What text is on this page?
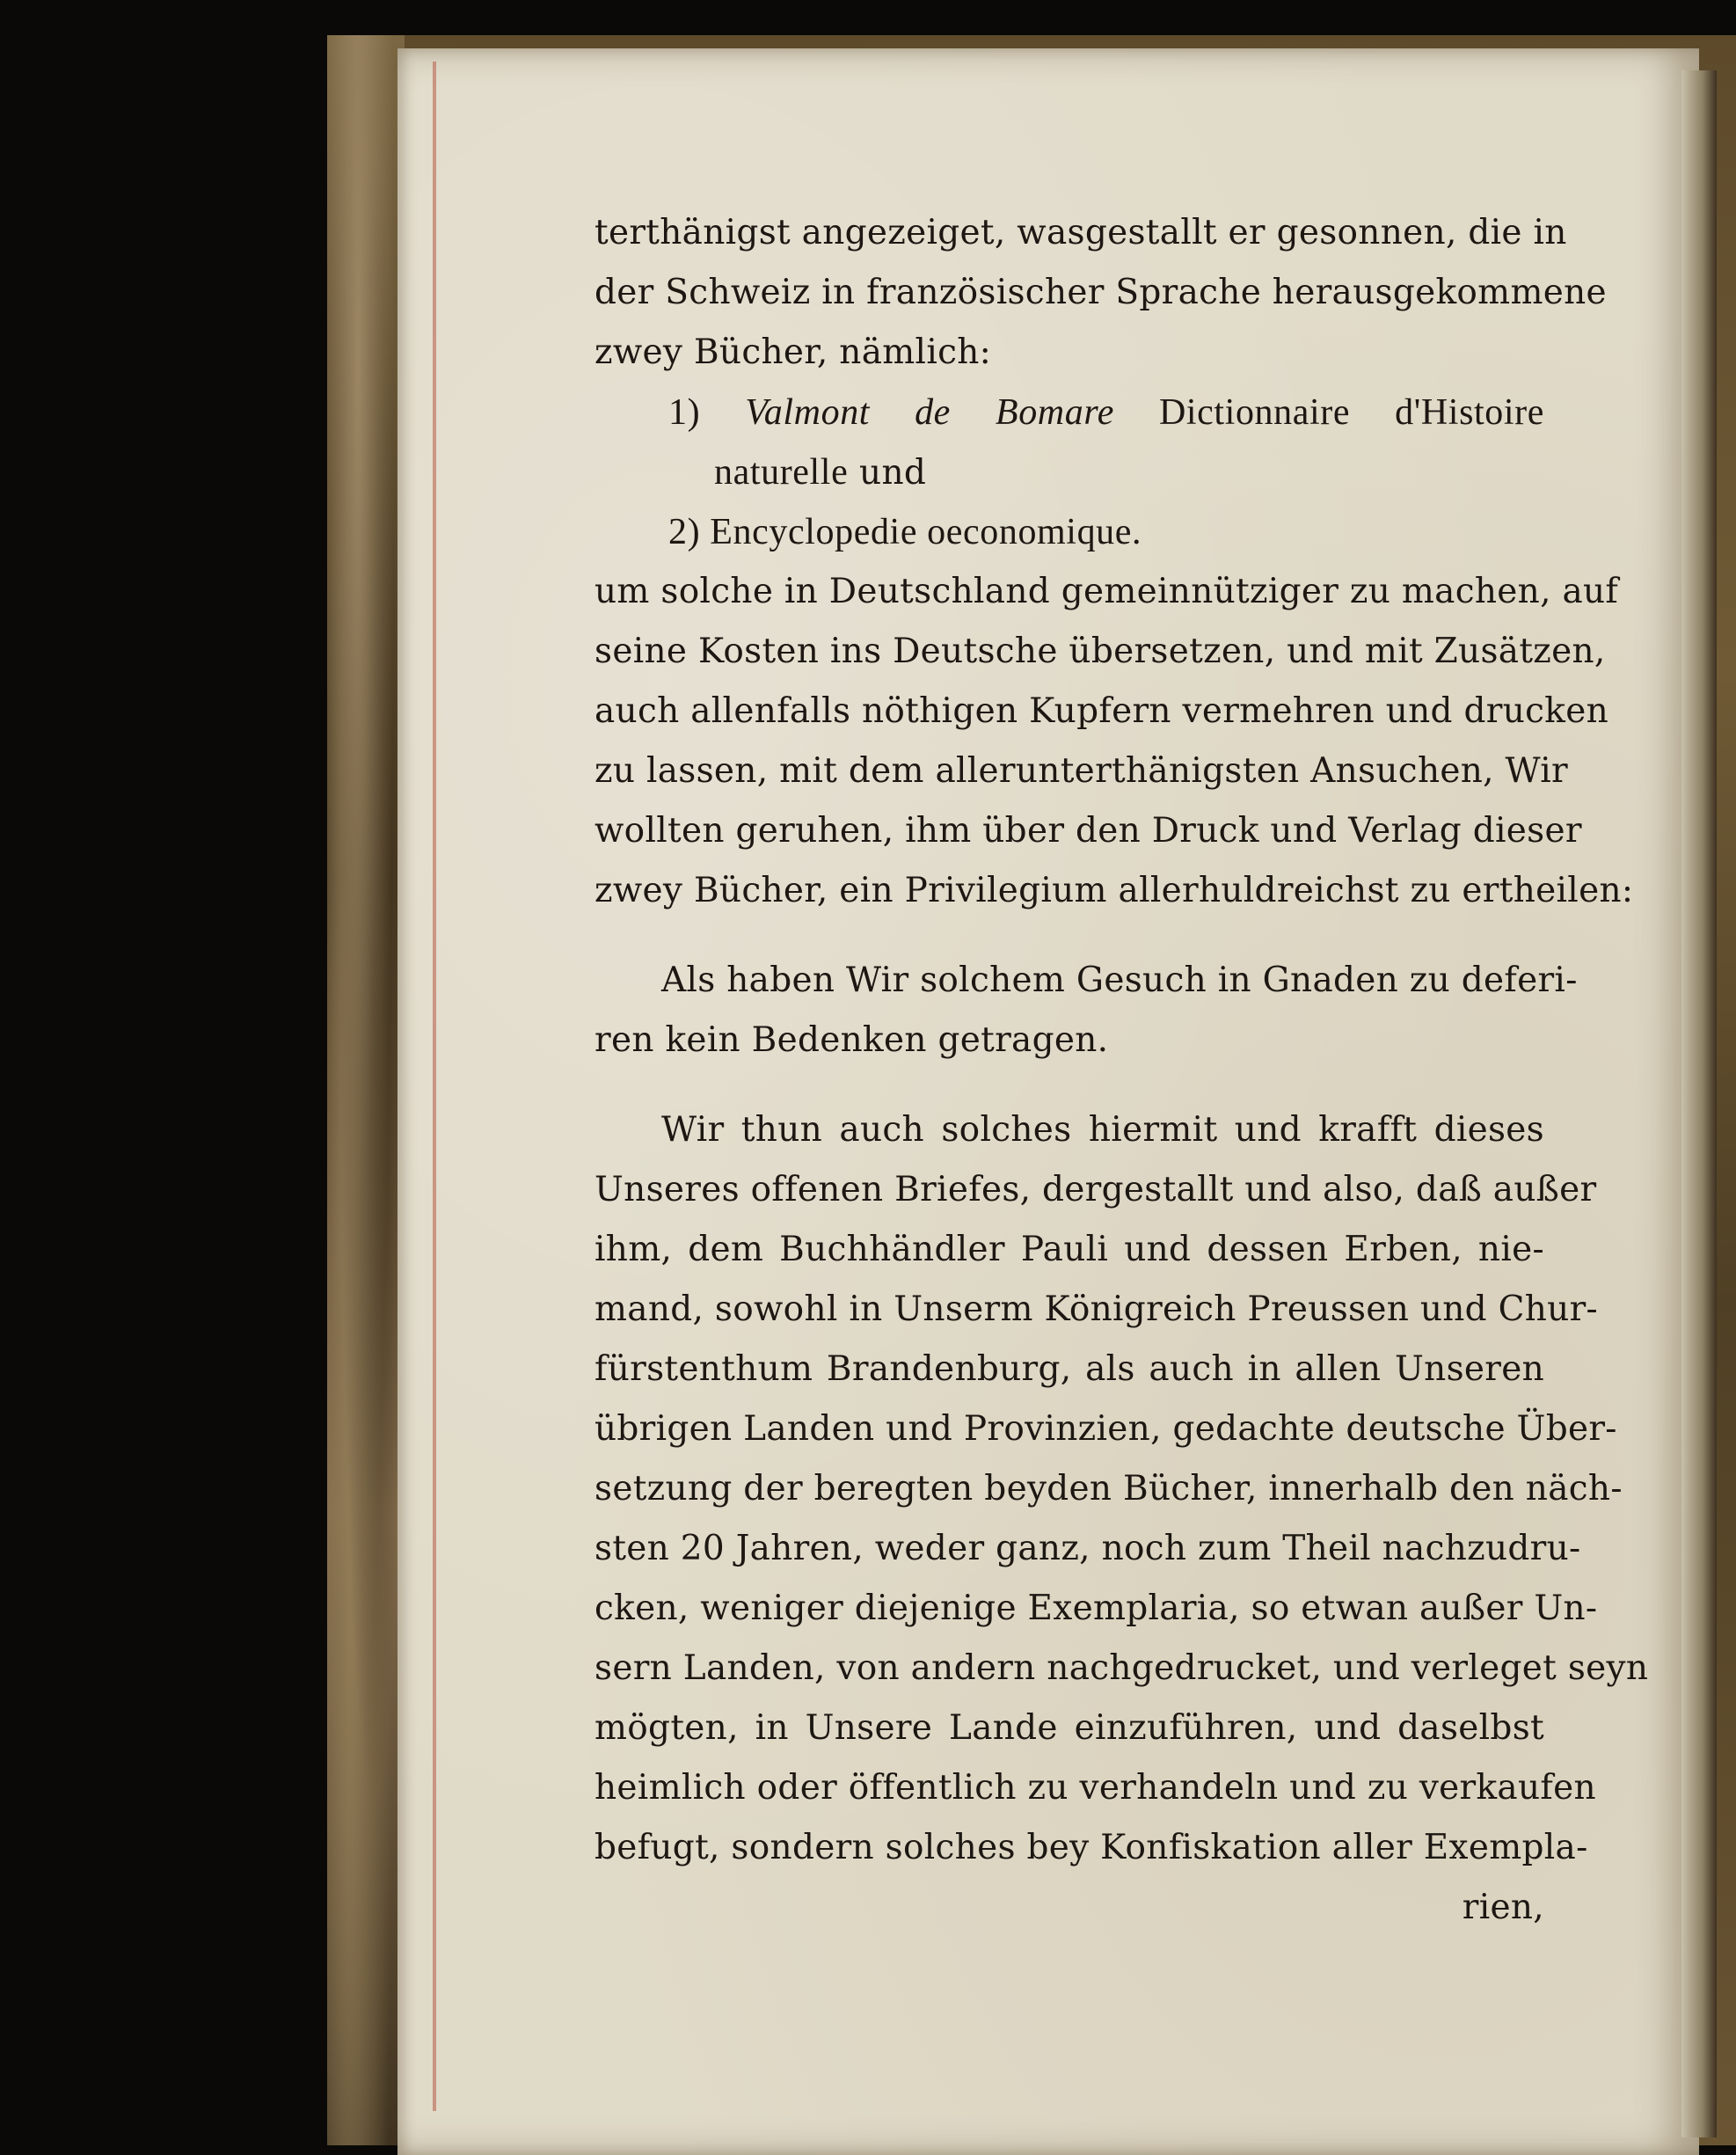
terthänigst angezeiget, wasgestallt er gesonnen, die in
der Schweiz in französischer Sprache herausgekommene
zwey Bücher, nämlich:
1) Valmont de Bomare Dictionnaire d'Histoire
naturelle und
2) Encyclopedie oeconomique.
um solche in Deutschland gemeinnütziger zu machen, auf
seine Kosten ins Deutsche übersetzen, und mit Zusätzen,
auch allenfalls nöthigen Kupfern vermehren und drucken
zu lassen, mit dem allerunterthänigsten Ansuchen, Wir
wollten geruhen, ihm über den Druck und Verlag dieser
zwey Bücher, ein Privilegium allerhuldreichst zu ertheilen:
Als haben Wir solchem Gesuch in Gnaden zu deferi-
ren kein Bedenken getragen.
Wir thun auch solches hiermit und krafft dieses
Unseres offenen Briefes, dergestallt und also, daß außer
ihm, dem Buchhändler Pauli und dessen Erben, nie-
mand, sowohl in Unserm Königreich Preussen und Chur-
fürstenthum Brandenburg, als auch in allen Unseren
übrigen Landen und Provinzien, gedachte deutsche Über-
setzung der beregten beyden Bücher, innerhalb den näch-
sten 20 Jahren, weder ganz, noch zum Theil nachzudru-
cken, weniger diejenige Exemplaria, so etwan außer Un-
sern Landen, von andern nachgedrucket, und verleget seyn
mögten, in Unsere Lande einzuführen, und daselbst
heimlich oder öffentlich zu verhandeln und zu verkaufen
befugt, sondern solches bey Konfiskation aller Exempla-
rien,
